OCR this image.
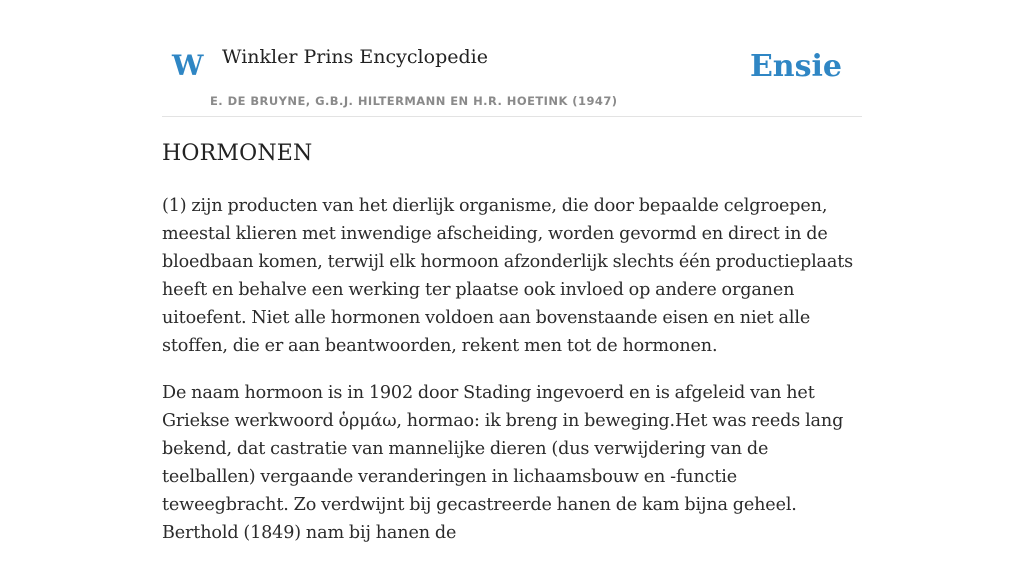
W Winkler Prins Encyclopedie
E. DE BRUYNE, G.B.J. HILTERMANN EN H.R. HOETINK (1947)
Ensie
HORMONEN

(1) zijn producten van het dierlijk organisme, die door bepaalde celgroepen, meestal klieren met inwendige afscheiding, worden gevormd en direct in de bloedbaan komen, terwijl elk hormoon afzonderlijk slechts één productieplaats heeft en behalve een werking ter plaatse ook invloed op andere organen uitoefent. Niet alle hormonen voldoen aan bovenstaande eisen en niet alle stoffen, die er aan beantwoorden, rekent men tot de hormonen.

De naam hormoon is in 1902 door Stading ingevoerd en is afgeleid van het Griekse werkwoord ὁρμάω, hormao: ik breng in beweging.Het was reeds lang bekend, dat castratie van mannelijke dieren (dus verwijdering van de teelballen) vergaande veranderingen in lichaamsbouw en -functie teweegbracht. Zo verdwijnt bij gecastreerde hanen de kam bijna geheel. Berthold (1849) nam bij hanen de
